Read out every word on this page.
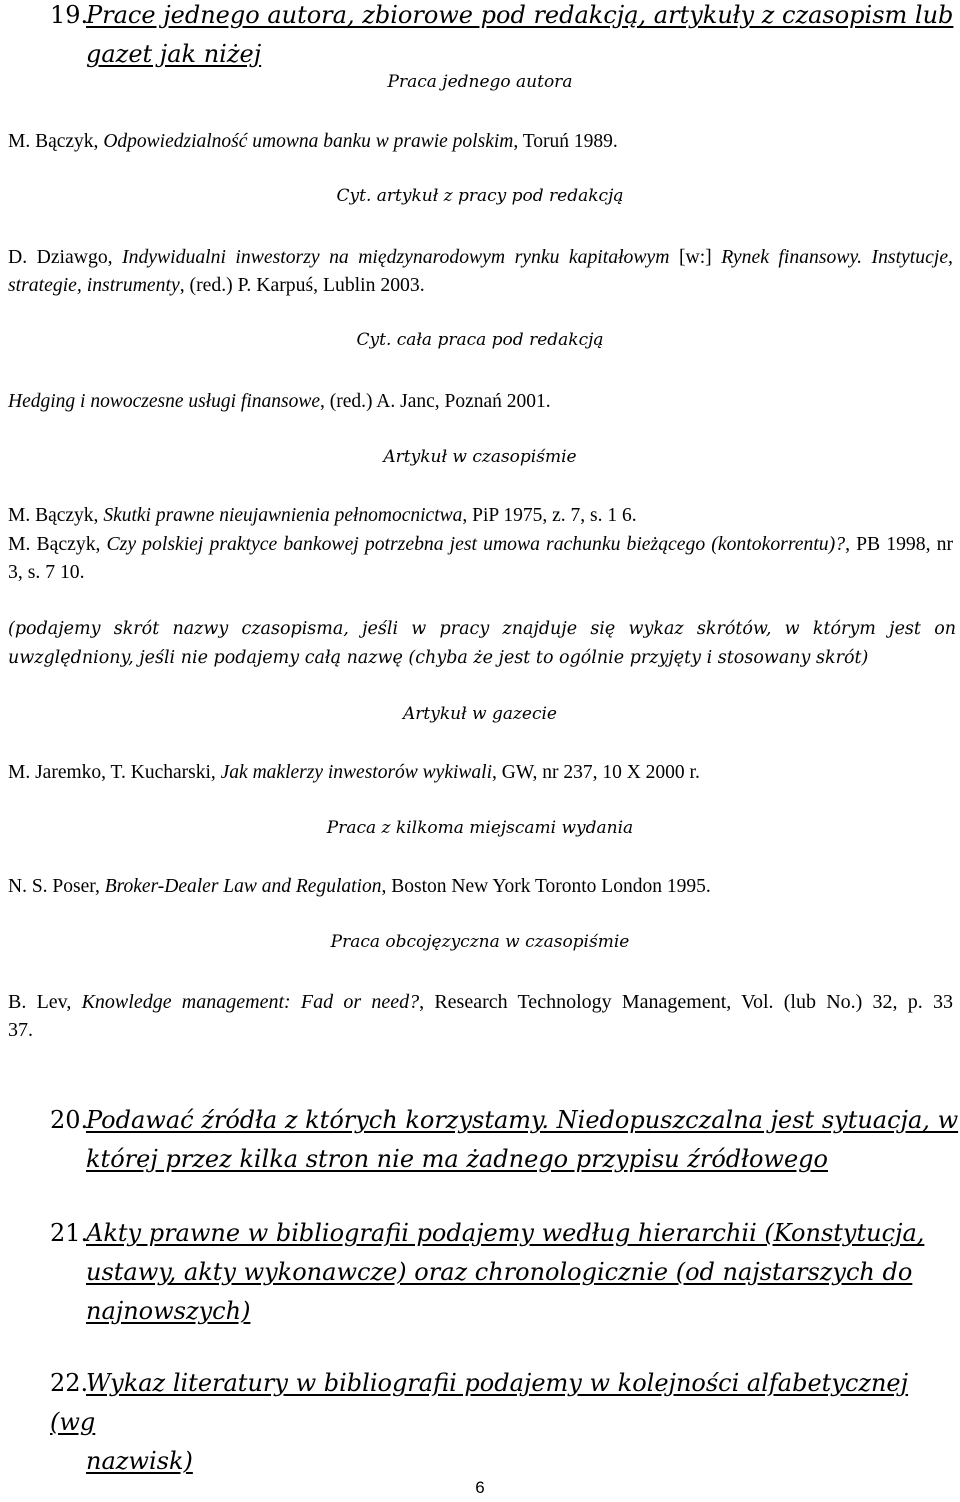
19.Prace jednego autora, zbiorowe pod redakcją, artykuły z czasopism lub
gazet jak niżej
Praca jednego autora
M. Bączyk, Odpowiedzialność umowna banku w prawie polskim, Toruń 1989.
Cyt. artykuł z pracy pod redakcją
D. Dziawgo, Indywidualni inwestorzy na międzynarodowym rynku kapitałowym [w:] Rynek finansowy. Instytucje, strategie, instrumenty, (red.) P. Karpuś, Lublin 2003.
Cyt. cała praca pod redakcją
Hedging i nowoczesne usługi finansowe, (red.) A. Janc, Poznań 2001.
Artykuł w czasopiśmie
M. Bączyk, Skutki prawne nieujawnienia pełnomocnictwa, PiP 1975, z. 7, s. 1 6.
M. Bączyk, Czy polskiej praktyce bankowej potrzebna jest umowa rachunku bieżącego (kontokorrentu)?, PB 1998, nr 3, s. 7 10.
(podajemy skrót nazwy czasopisma, jeśli w pracy znajduje się wykaz skrótów, w którym jest on uwzględniony, jeśli nie podajemy całą nazwę (chyba że jest to ogólnie przyjęty i stosowany skrót)
Artykuł w gazecie
M. Jaremko, T. Kucharski, Jak maklerzy inwestorów wykiwali, GW, nr 237, 10 X 2000 r.
Praca z kilkoma miejscami wydania
N. S. Poser, Broker-Dealer Law and Regulation, Boston New York Toronto London 1995.
Praca obcojęzyczna w czasopiśmie
B. Lev, Knowledge management: Fad or need?, Research Technology Management, Vol. (lub No.) 32, p. 33 37.
20.Podawać źródła z których korzystamy. Niedopuszczalna jest sytuacja, w
której przez kilka stron nie ma żadnego przypisu źródłowego
21.Akty prawne w bibliografii podajemy według hierarchii (Konstytucja,
ustawy, akty wykonawcze) oraz chronologicznie (od najstarszych do
najnowszych)
22.Wykaz literatury w bibliografii podajemy w kolejności alfabetycznej (wg
nazwisk)
6
